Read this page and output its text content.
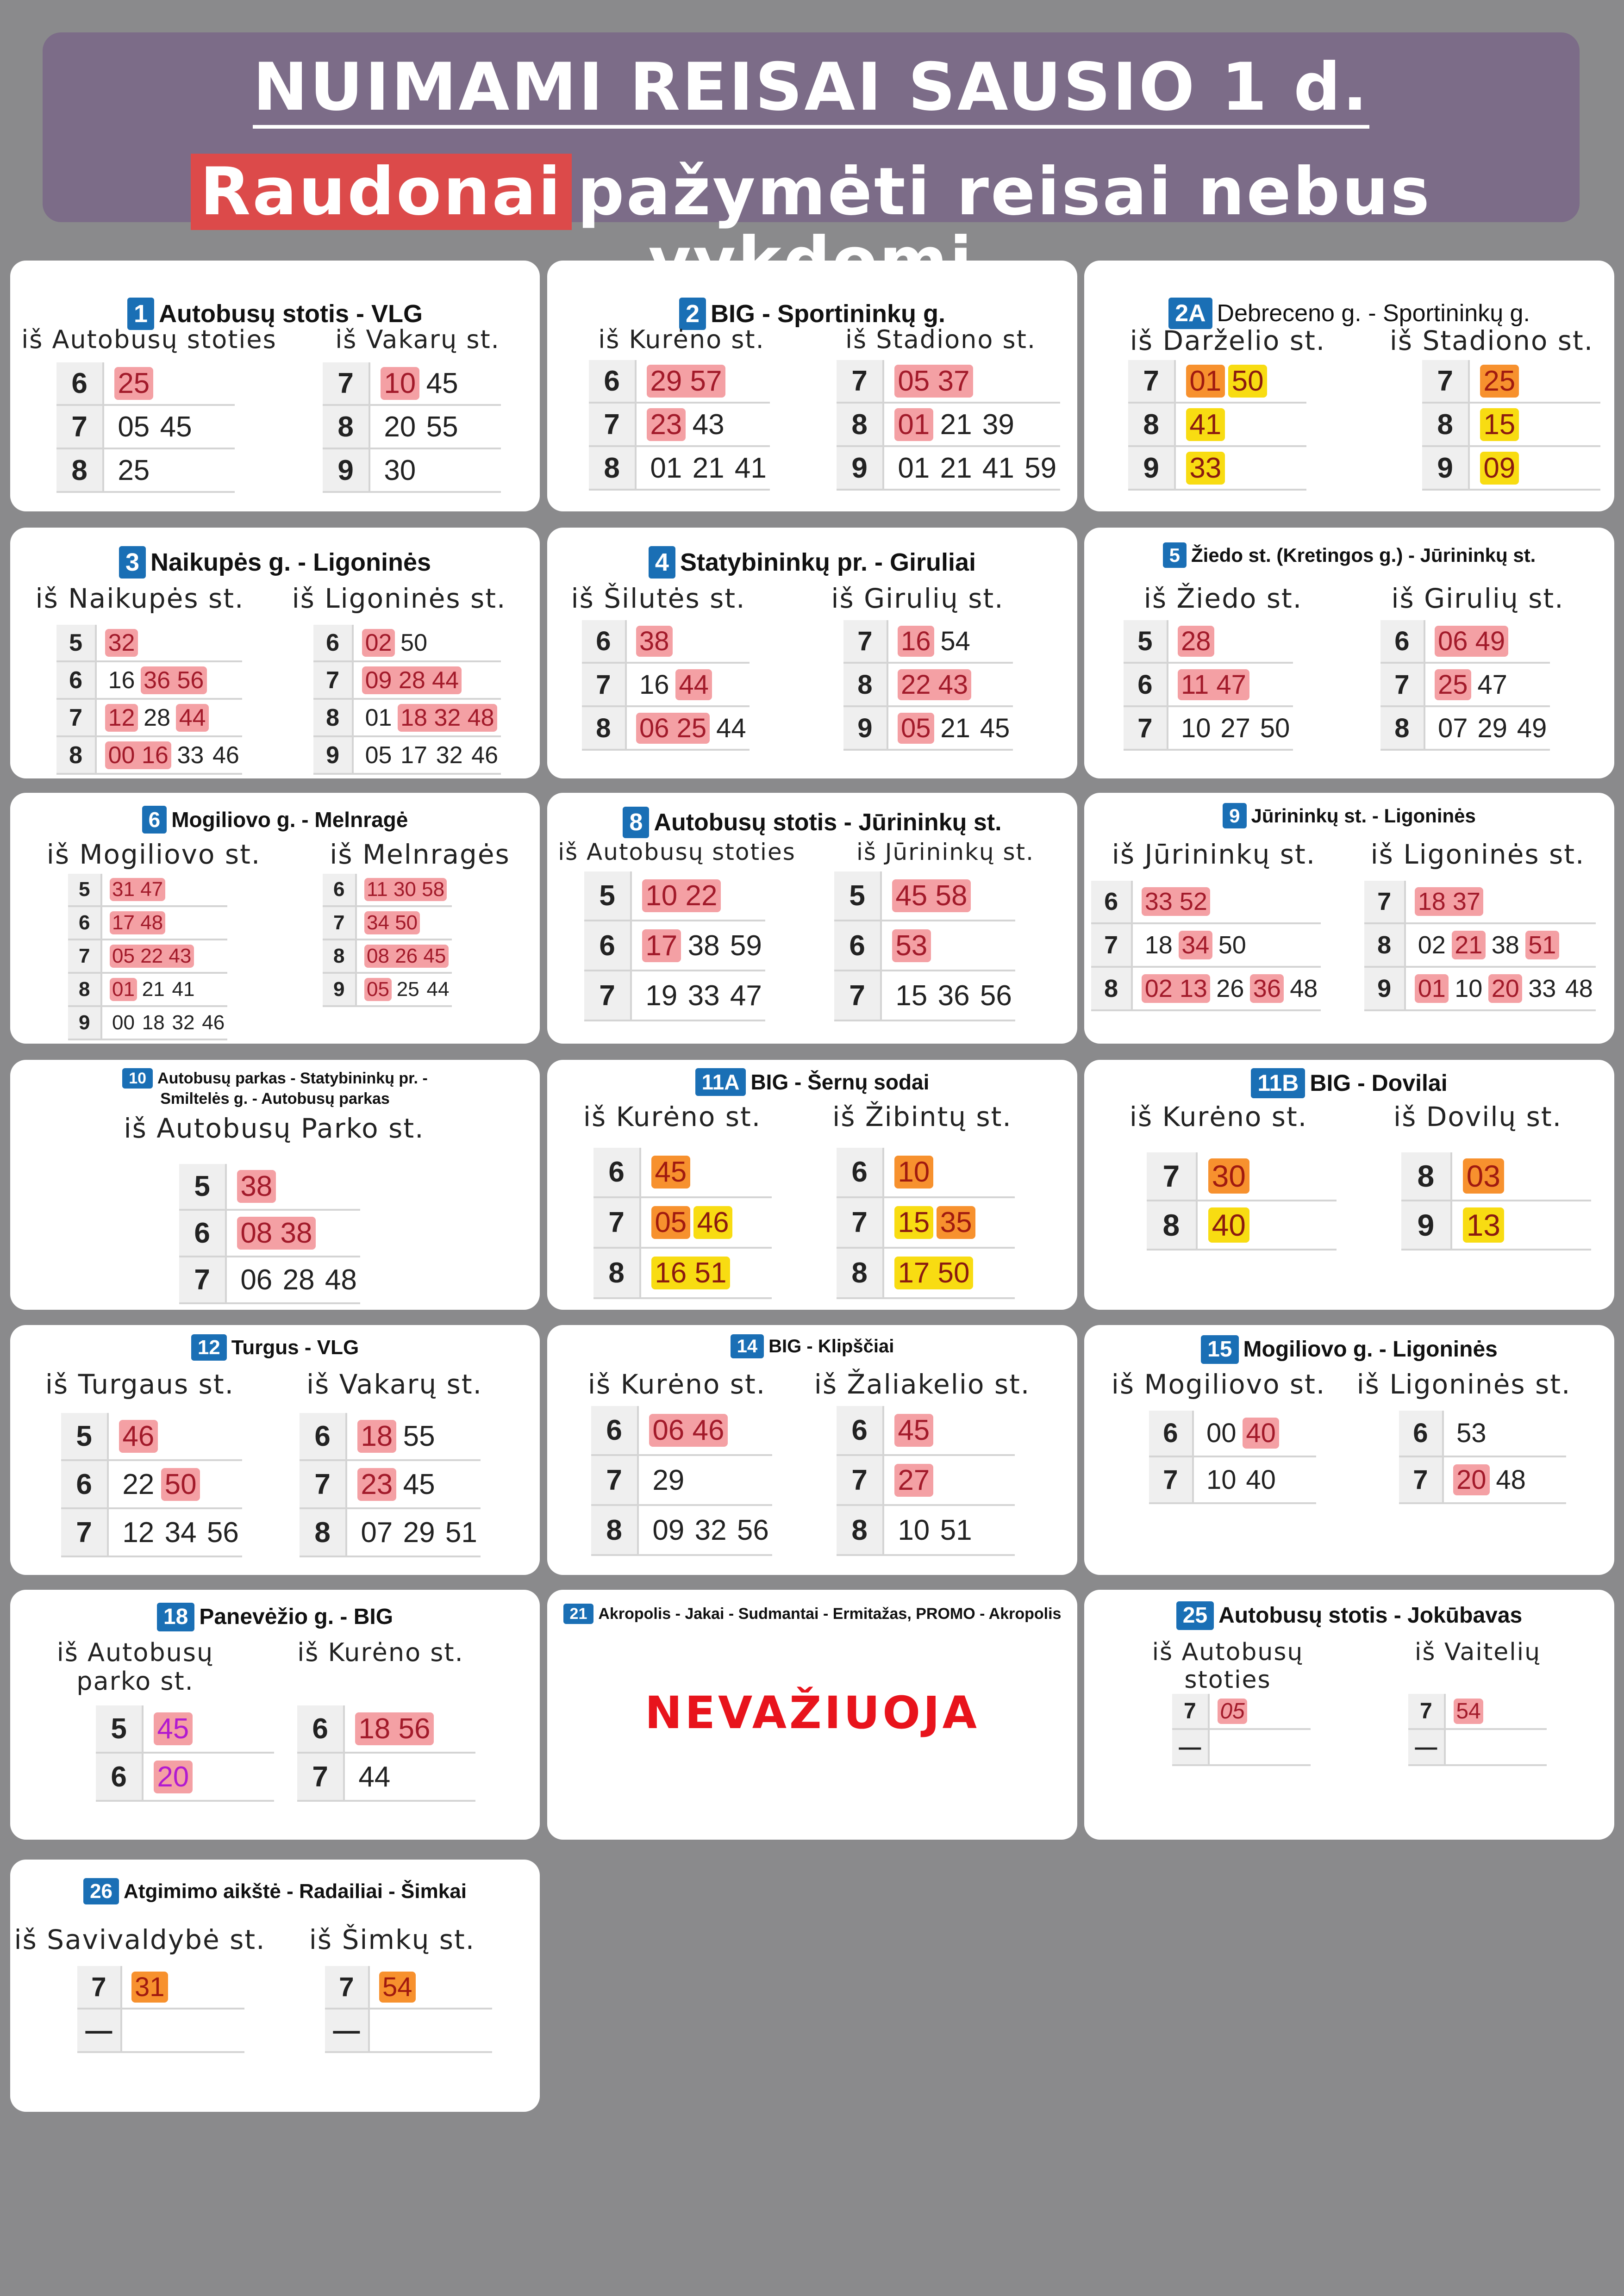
NUIMAMI REISAI SAUSIO 1 d.
Raudonai pažymėti reisai nebus
1 Autobusų stotis - VLG
iš Autobusų stoties
6	25
7	05 45
8	25
iš Vakarų st.
7	10 45
8	20 55
9	30
2 BIG - Sportininkų g.
iš Kurėno st.
6	29 57
7	23 43
8	01 21 41
iš Stadiono st.
7	05 37
8	01 21 39
9	01 21 41 59
2A Debreceno g. - Sportininkų g.
iš Darželio st.
7	01 50
8	41
9	33
iš Stadiono st.
7	25
8	15
9	09
3 Naikupės g. - Ligoninės
iš Naikupės st.
5	32
6	16 36 56
7	12 28 44
8	00 16 33 46
iš Ligoninės st.
6	02 50
7	09 28 44
8	01 18 32 48
9	05 17 32 46
4 Statybininkų pr. - Giruliai
iš Šilutės st.
6	38
7	16 44
8	06 25 44
iš Girulių st.
7	16 54
8	22 43
9	05 21 45
5 Žiedo st. (Kretingos g.) - Jūrininkų st.
iš Žiedo st.
5	28
6	11 47
7	10 27 50
iš Girulių st.
6	06 49
7	25 47
8	07 29 49
6 Mogiliovo g. - Melnragė
iš Mogiliovo st.
5	31 47
6	17 48
7	05 22 43
8	01 21 41
9	00 18 32 46
iš Melnragės
6	11 30 58
7	34 50
8	08 26 45
9	05 25 44
8 Autobusų stotis - Jūrininkų st.
iš Autobusų stoties
5	10 22
6	17 38 59
7	19 33 47
iš Jūrininkų st.
5	45 58
6	53
7	15 36 56
9 Jūrininkų st. - Ligoninės
iš Jūrininkų st.
6	33 52
7	18 34 50
8	02 13 26 36 48
iš Ligoninės st.
7	18 37
8	02 21 38 51
9	01 10 20 33 48
10 Autobusų parkas - Statybininkų pr. -
Smiltelės g. - Autobusų parkas
iš Autobusų Parko st.
5	38
6	08 38
7	06 28 48
11A BIG - Šernų sodai
iš Kurėno st.
6	45
7	05 46
8	16 51
iš Žibintų st.
6	10
7	15 35
8	17 50
11B BIG - Dovilai
iš Kurėno st.
7	30
8	40
iš Dovilų st.
8	03
9	13
12 Turgus - VLG
iš Turgaus st.
5	46
6	22 50
7	12 34 56
iš Vakarų st.
6	18 55
7	23 45
8	07 29 51
14 BIG - Klipščiai
iš Kurėno st.
6	06 46
7	29
8	09 32 56
iš Žaliakelio st.
6	45
7	27
8	10 51
15 Mogiliovo g. - Ligoninės
iš Mogiliovo st.
6	00 40
7	10 40
iš Ligoninės st.
6	53
7	20 48
18 Panevėžio g. - BIG
iš Autobusų
parko st.
5	45
6	20
iš Kurėno st.
6	18 56
7	44
21 Akropolis - Jakai - Sudmantai - Ermitažas, PROMO - Akropolis
NEVAŽIUOJA
25 Autobusų stotis - Jokūbavas
iš Autobusų
stoties
7	05
—
iš Vaitelių
7	54
—
26 Atgimimo aikštė - Radailiai - Šimkai
iš Savivaldybė st.
7	31
—
iš Šimkų st.
7	54
—
